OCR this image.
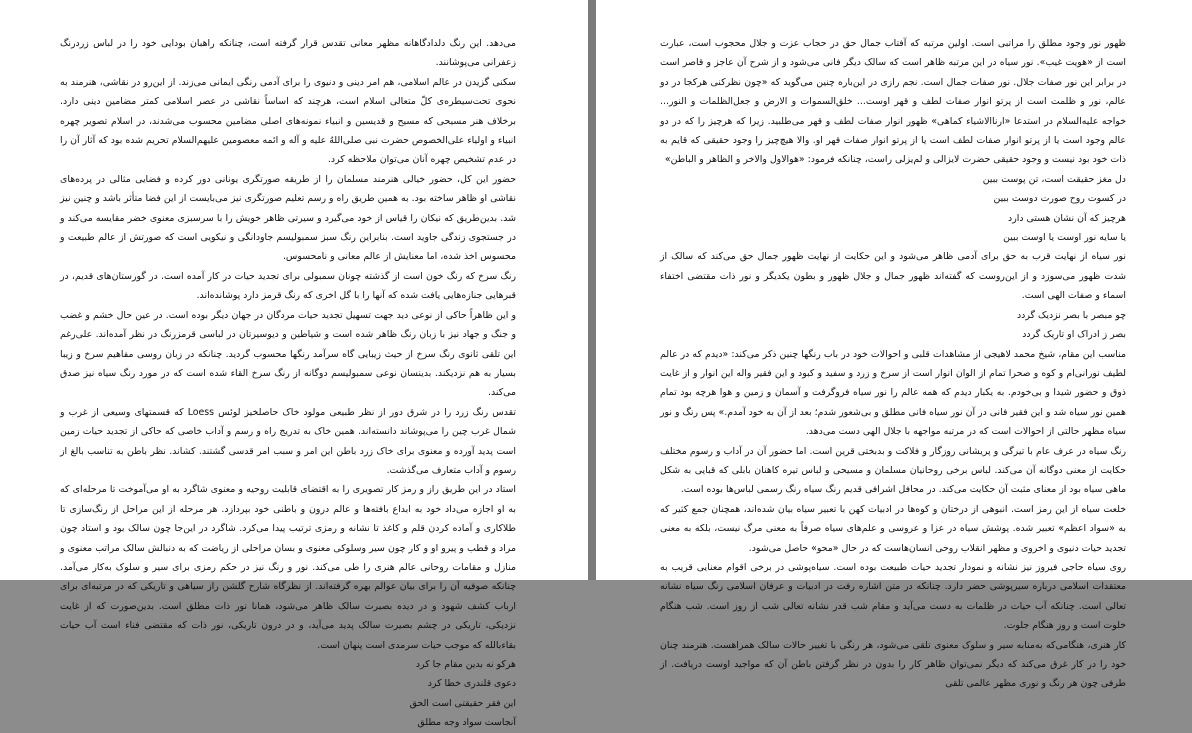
می‌دهد. این رنگ دلدادگاهانه مظهر معانی تقدس قرار گرفته است، چنانکه راهبان بودایی خود را در لباس زردرنگ زعفرانی می‌پوشانند.

سکنی گزیدن در عالم اسلامی، هم امر دینی و دنیوی را برای آدمی رنگی ایمانی می‌زند. از این‌رو در نقاشی، هنرمند به نحوی تحت‌سیطره‌ی کلّ متعالی اسلام است، هرچند که اساساً نقاشی در عصر اسلامی کمتر مضامین دینی دارد. برخلاف هنر مسیحی که مسیح و قدیسین و انبیاء نمونه‌های اصلی مضامین محسوب می‌شدند، در اسلام تصویر چهره انبیاء و اولیاء علی‌الخصوص حضرت نبی صلی‌اللهُ علیه و آله و ائمه معصومین علیهم‌السلام تحریم شده بود که آثار آن را در عدم تشخیص چهره آنان می‌توان ملاحظه کرد.

حضور این کل، حضور خیالی هنرمند مسلمان را از طریقه صورتگری یونانی دور کرده و فضایی مثالی در پرده‌های نقاشی او ظاهر ساخته بود. به همین طریق راه و رسم تعلیم صورتگری نیز می‌بایست از این فضا متأثر باشد و چنین نیز شد. بدین‌طریق که نیکان را قیاس از خود می‌گیرد و سیرتی ظاهر خویش را با سرسبزی معنوی خضر مقایسه می‌کند و در جستجوی زندگی جاوید است. بنابراین رنگ سبز سمبولیسم جاودانگی و نیکویی است که صورتش از عالم طبیعت و محسوس اخذ شده، اما معنایش از عالم معانی و نامحسوس.

رنگ سرخ که رنگ خون است از گذشته چونان سمبولی برای تجدید حیات در کار آمده است. در گورستان‌های قدیم، در قبرهایی جنازه‌هایی یافت شده که آنها را با گل اخری که رنگ قرمز دارد پوشانده‌اند.

و این ظاهراً حاکی از نوعی دید جهت تسهیل تجدید حیات مردگان در جهان دیگر بوده است. در عین حال خشم و غضب و جنگ و جهاد نیز با زبان رنگ ظاهر شده است و شیاطین و دیوسیرتان در لباسی قرمزرنگ در نظر آمده‌اند. علی‌رغم این تلقی ثانوی رنگ سرخ از حیث زیبایی گاه سرآمد رنگها محسوب گردید. چنانکه در زبان روسی مفاهیم سرخ و زیبا بسیار به هم نزدیکند. بدینسان نوعی سمبولیسم دوگانه از رنگ سرخ القاء شده است که در مورد رنگ سیاه نیز صدق می‌کند.

تقدس رنگ زرد را در شرق دور از نظر طبیعی مولود خاک حاصلخیز لوئس Loess که قسمتهای وسیعی از غرب و شمال غرب چین را می‌پوشاند دانسته‌اند. همین خاک به تدریج راه و رسم و آداب خاصی که حاکی از تجدید حیات زمین است پدید آورده و معنوی برای خاک زرد باطن این امر و سبب امر قدسی گشتند. کشاند. نظر باطن به تناسب بالغ از رسوم و آداب متعارف می‌گذشت.

استاد در این طریق راز و رمز کار تصویری را به اقتضای قابلیت روحیه و معنوی شاگرد به او می‌آموخت تا مرحله‌ای که به او اجازه می‌داد خود به ابداع بافته‌ها و عالم درون و باطنی خود بپردازد. هر مرحله از این مراحل از رنگ‌سازی تا طلاکاری و آماده کردن قلم و کاغذ تا نشانه و رمزی ترتیب پیدا می‌کرد. شاگرد در این‌جا چون سالک بود و استاد چون مراد و قطب و پیرو او و کار چون سیر وسلوکی معنوی و بسان مراحلی از ریاضت که به دنبالش سالک مراتب معنوی و منازل و مقامات روحانی عالم هنری را طی می‌کند. نور و رنگ نیز در حکم رمزی برای سیر و سلوک به‌کار می‌آمد. چنانکه صوفیه آن را برای بیان عوالم بهره گرفته‌اند. از نظرگاه شارح گلشن راز سیاهی و تاریکی که در مرتبه‌ای برای ارباب کشف شهود و در دیده بصیرت سالک ظاهر می‌شود، همانا نور ذات مطلق است. بدین‌صورت که از غایت نزدیکی، تاریکی در چشم بصیرت سالک پدید می‌آید، و در درون تاریکی، نور ذات که مقتضی فناء است آب حیات بقاءبالله که موجب حیات سرمدی است پنهان است.

هرکو نه بدین مقام جا کرد

دعوی قلندری خطا کرد

این فقر حقیقتی است الحق

آنجاست سواد وجه مطلق

ظهور نور وجود مطلق را مراتبی است. اولین مرتبه که آفتاب جمال حق در حجاب عزت و جلال محجوب است، عبارت است از «هویت غیب». نور سیاه در این مرتبه ظاهر است که سالک دیگر فانی می‌شود و از شرح آن عاجز و قاصر است در برابر این نور صفات جلال. نور صفات جمال است. نجم رازی در این‌باره چنین می‌گوید که «چون نظرکنی هرکجا در دو عالم، نور و ظلمت است از پرتو انوار صفات لطف و قهر اوست... خلق‌السموات و الارض و جعل‌الظلمات و النور... خواجه علیه‌السلام در استدعا «ارناالاشیاء کماهی» ظهور انوار صفات لطف و قهر می‌طلبید. زیرا که هرچیز را که در دو عالم وجود است یا از پرتو انوار صفات لطف است یا از پرتو انوار صفات قهر او. والا هیچ‌چیز را وجود حقیقی که قایم به ذات خود بود نیست و وجود حقیقی حضرت لایزالی و لم‌یزلی راست، چنانکه فرمود: «هوالاول والاخر و الظاهر و الباطن»

دل مغز حقیقت است، تن پوست ببین

در کسوت روح صورت دوست ببین

هرچیز که آن نشان هستی دارد

یا سایه نور اوست یا اوست ببین

نور سیاه از نهایت قرب به حق برای آدمی ظاهر می‌شود و این حکایت از نهایت ظهور جمال حق می‌کند که سالک از شدت ظهور می‌سوزد و از این‌روست که گفته‌اند ظهور جمال و جلال ظهور و بطون یکدیگر و نور ذات مقتضی اختفاء اسماء و صفات الهی است.

چو مبصر با بصر نزدیک گردد

بصر ز ادراک او تاریک گردد

مناسب این مقام، شیخ محمد لاهیجی از مشاهدات قلبی و احوالات خود در باب رنگها چنین ذکر می‌کند: «دیدم که در عالم لطیف نورانی‌ام و کوه و صحرا تمام از الوان انوار است از سرخ و زرد و سفید و کبود و این فقیر واله این انوار و از غایت ذوق و حضور شیدا و بی‌خودم. به یکبار دیدم که همه عالم را نور سیاه فروگرفت و آسمان و زمین و هوا هرچه بود تمام همین نور سیاه شد و این فقیر فانی در آن نور سیاه فانی مطلق و بی‌شعور شدم؛ بعد از آن به خود آمدم.» پس رنگ و نور سیاه مظهر حالتی از احوالات است که در مرتبه مواجهه با جلال الهی دست می‌دهد.

رنگ سیاه در عرف عام با تیرگی و پریشانی روزگار و فلاکت و بدبختی قرین است. اما حضور آن در آداب و رسوم مختلف حکایت از معنی دوگانه آن می‌کند. لباس برخی روحانیان مسلمان و مسیحی و لباس تیره کاهنان بابلی که قبایی به شکل ماهی سیاه بود از معنای مثبت آن حکایت می‌کند. در محافل اشرافی قدیم رنگ سیاه رنگ رسمی لباس‌ها بوده است.

خلعت سیاه از این رمز است. انبوهی از درختان و کوه‌ها در ادبیات کهن با تعبیر سیاه بیان شده‌اند، همچنان جمع کثیر که به «سواد اعظم» تعبیر شده. پوشش سیاه در عزا و عروسی و علم‌های سیاه صرفاً به معنی مرگ نیست، بلکه به معنی تجدید حیات دنیوی و اخروی و مظهر انقلاب روحی انسان‌هاست که در حال «محو» حاصل می‌شود.

روی سیاه حاجی فیروز نیز نشانه و نمودار تجدید حیات طبیعت بوده است. سیاه‌پوشی در برخی اقوام معنایی قریب به معتقدات اسلامی درباره سیرپوشی حضر دارد. چنانکه در متن اشاره رفت در ادبیات و عرفان اسلامی رنگ سیاه نشانه تعالی است. چنانکه آب حیات در ظلمات به دست می‌آید و مقام شب قدر نشانه تعالی شب از روز است. شب هنگام خلوت است و روز هنگام جلوت.

کار هنری، هنگامی‌که به‌منابه سیر و سلوک معنوی تلقی می‌شود، هر رنگی با تغییر حالات سالک همراهست. هنرمند چنان خود را در کار غرق می‌کند که دیگر نمی‌توان ظاهر کار را بدون در نظر گرفتن باطن آن که مواجید اوست دریافت. از طرفی چون هر رنگ و نوری مظهر عالمی تلقی
